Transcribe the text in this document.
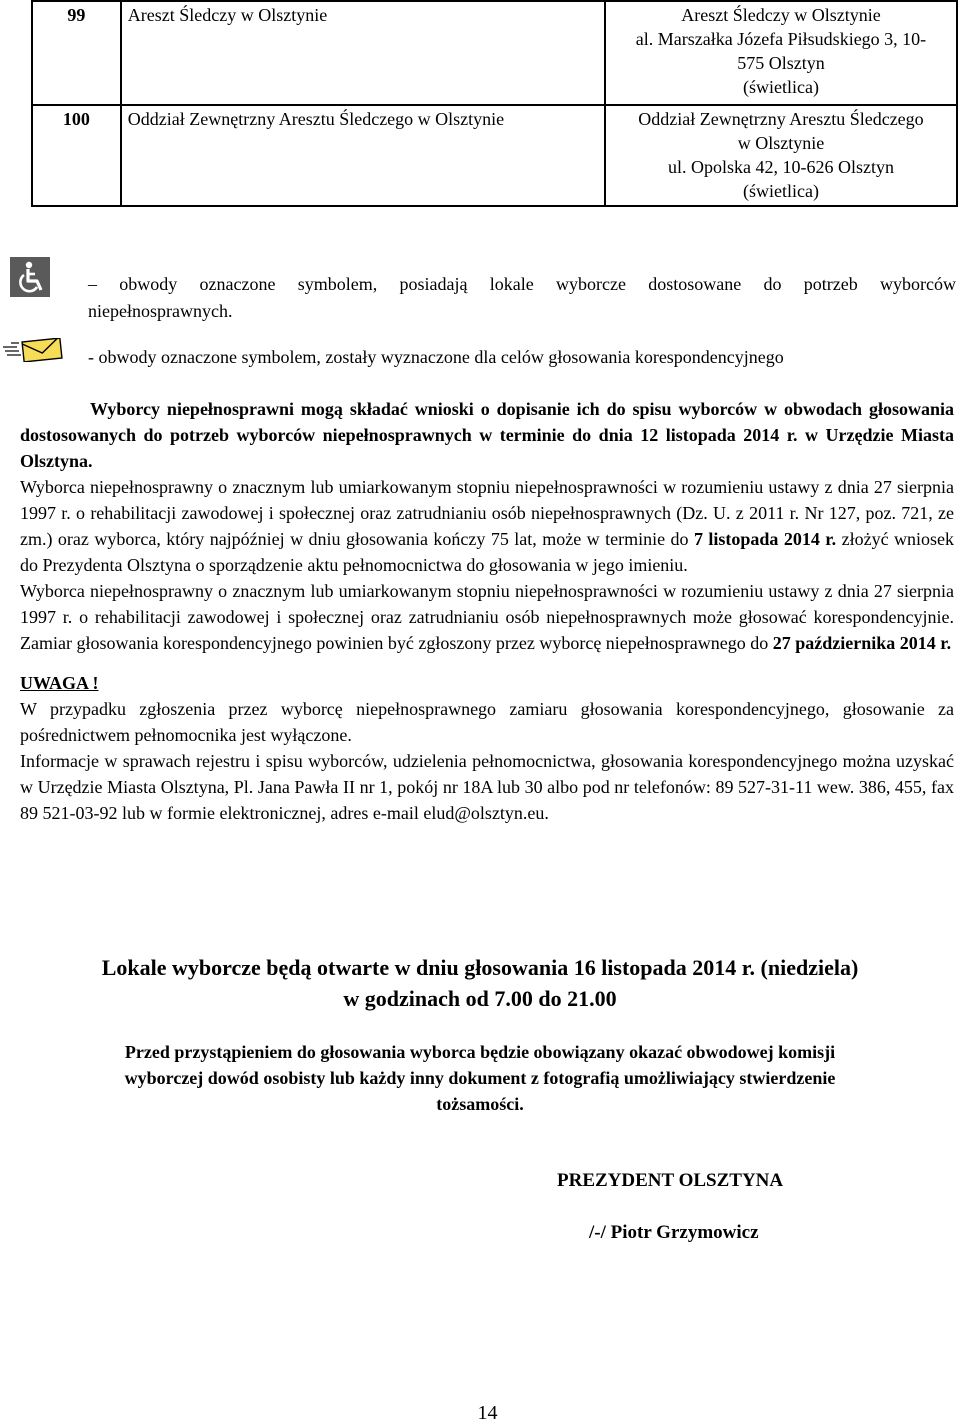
99	Areszt Śledczy w Olsztynie	Areszt Śledczy w Olsztynie
al. Marszałka Józefa Piłsudskiego 3, 10-
575 Olsztyn
(świetlica)

100	Oddział Zewnętrzny Aresztu Śledczego w Olsztynie	Oddział Zewnętrzny Aresztu Śledczego
w Olsztynie
ul. Opolska 42, 10-626 Olsztyn
(świetlica)
– obwody oznaczone symbolem, posiadają lokale wyborcze dostosowane do potrzeb wyborców
niepełnosprawnych.
- obwody oznaczone symbolem, zostały wyznaczone dla celów głosowania korespondencyjnego
Wyborcy niepełnosprawni mogą składać wnioski o dopisanie ich do spisu wyborców w obwodach głosowania dostosowanych do potrzeb wyborców niepełnosprawnych w terminie do dnia 12 listopada 2014 r. w Urzędzie Miasta Olsztyna.
Wyborca niepełnosprawny o znacznym lub umiarkowanym stopniu niepełnosprawności w rozumieniu ustawy z dnia 27 sierpnia 1997 r. o rehabilitacji zawodowej i społecznej oraz zatrudnianiu osób niepełnosprawnych (Dz. U. z 2011 r. Nr 127, poz. 721, ze zm.) oraz wyborca, który najpóźniej w dniu głosowania kończy 75 lat, może w terminie do 7 listopada 2014 r. złożyć wniosek do Prezydenta Olsztyna o sporządzenie aktu pełnomocnictwa do głosowania w jego imieniu.
Wyborca niepełnosprawny o znacznym lub umiarkowanym stopniu niepełnosprawności w rozumieniu ustawy z dnia 27 sierpnia 1997 r. o rehabilitacji zawodowej i społecznej oraz zatrudnianiu osób niepełnosprawnych może głosować korespondencyjnie. Zamiar głosowania korespondencyjnego powinien być zgłoszony przez wyborcę niepełnosprawnego do 27 października 2014 r.
UWAGA !
W przypadku zgłoszenia przez wyborcę niepełnosprawnego zamiaru głosowania korespondencyjnego, głosowanie za pośrednictwem pełnomocnika jest wyłączone.
Informacje w sprawach rejestru i spisu wyborców, udzielenia pełnomocnictwa, głosowania korespondencyjnego można uzyskać w Urzędzie Miasta Olsztyna, Pl. Jana Pawła II nr 1, pokój nr 18A lub 30 albo pod nr telefonów: 89 527-31-11 wew. 386, 455, fax 89 521-03-92 lub w formie elektronicznej, adres e-mail elud@olsztyn.eu.
Lokale wyborcze będą otwarte w dniu głosowania 16 listopada 2014 r. (niedziela)
w godzinach od 7.00 do 21.00
Przed przystąpieniem do głosowania wyborca będzie obowiązany okazać obwodowej komisji
wyborczej dowód osobisty lub każdy inny dokument z fotografią umożliwiający stwierdzenie
tożsamości.
PREZYDENT OLSZTYNA
/-/ Piotr Grzymowicz
14
